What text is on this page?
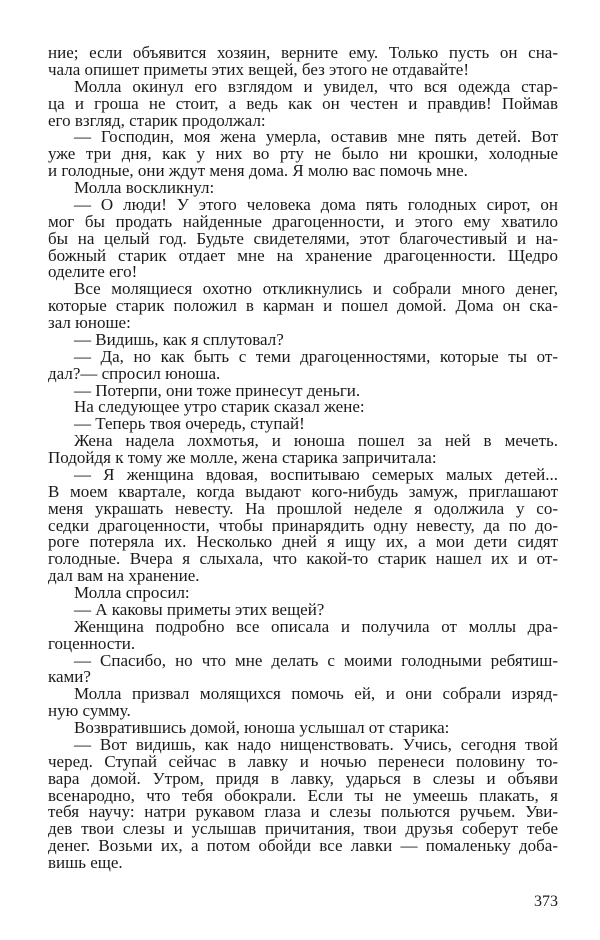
ние; если объявится хозяин, верните ему. Только пусть он сна-
чала опишет приметы этих вещей, без этого не отдавайте!
Молла окинул его взглядом и увидел, что вся одежда стар-
ца и гроша не стоит, а ведь как он честен и правдив! Поймав
его взгляд, старик продолжал:
— Господин, моя жена умерла, оставив мне пять детей. Вот
уже три дня, как у них во рту не было ни крошки, холодные
и голодные, они ждут меня дома. Я молю вас помочь мне.
Молла воскликнул:
— О люди! У этого человека дома пять голодных сирот, он
мог бы продать найденные драгоценности, и этого ему хватило
бы на целый год. Будьте свидетелями, этот благочестивый и на-
божный старик отдает мне на хранение драгоценности. Щедро
оделите его!
Все молящиеся охотно откликнулись и собрали много денег,
которые старик положил в карман и пошел домой. Дома он ска-
зал юноше:
— Видишь, как я сплутовал?
— Да, но как быть с теми драгоценностями, которые ты от-
дал?— спросил юноша.
— Потерпи, они тоже принесут деньги.
На следующее утро старик сказал жене:
— Теперь твоя очередь, ступай!
Жена надела лохмотья, и юноша пошел за ней в мечеть.
Подойдя к тому же молле, жена старика запричитала:
— Я женщина вдовая, воспитываю семерых малых детей...
В моем квартале, когда выдают кого-нибудь замуж, приглашают
меня украшать невесту. На прошлой неделе я одолжила у со-
седки драгоценности, чтобы принарядить одну невесту, да по до-
роге потеряла их. Несколько дней я ищу их, а мои дети сидят
голодные. Вчера я слыхала, что какой-то старик нашел их и от-
дал вам на хранение.
Молла спросил:
— А каковы приметы этих вещей?
Женщина подробно все описала и получила от моллы дра-
гоценности.
— Спасибо, но что мне делать с моими голодными ребятиш-
ками?
Молла призвал молящихся помочь ей, и они собрали изряд-
ную сумму.
Возвратившись домой, юноша услышал от старика:
— Вот видишь, как надо нищенствовать. Учись, сегодня твой
черед. Ступай сейчас в лавку и ночью перенеси половину то-
вара домой. Утром, придя в лавку, ударься в слезы и объяви
всенародно, что тебя обокрали. Если ты не умеешь плакать, я
тебя научу: натри рукавом глаза и слезы польются ручьем. Уви-
дев твои слезы и услышав причитания, твои друзья соберут тебе
денег. Возьми их, а потом обойди все лавки — помаленьку доба-
вишь еще.
373
